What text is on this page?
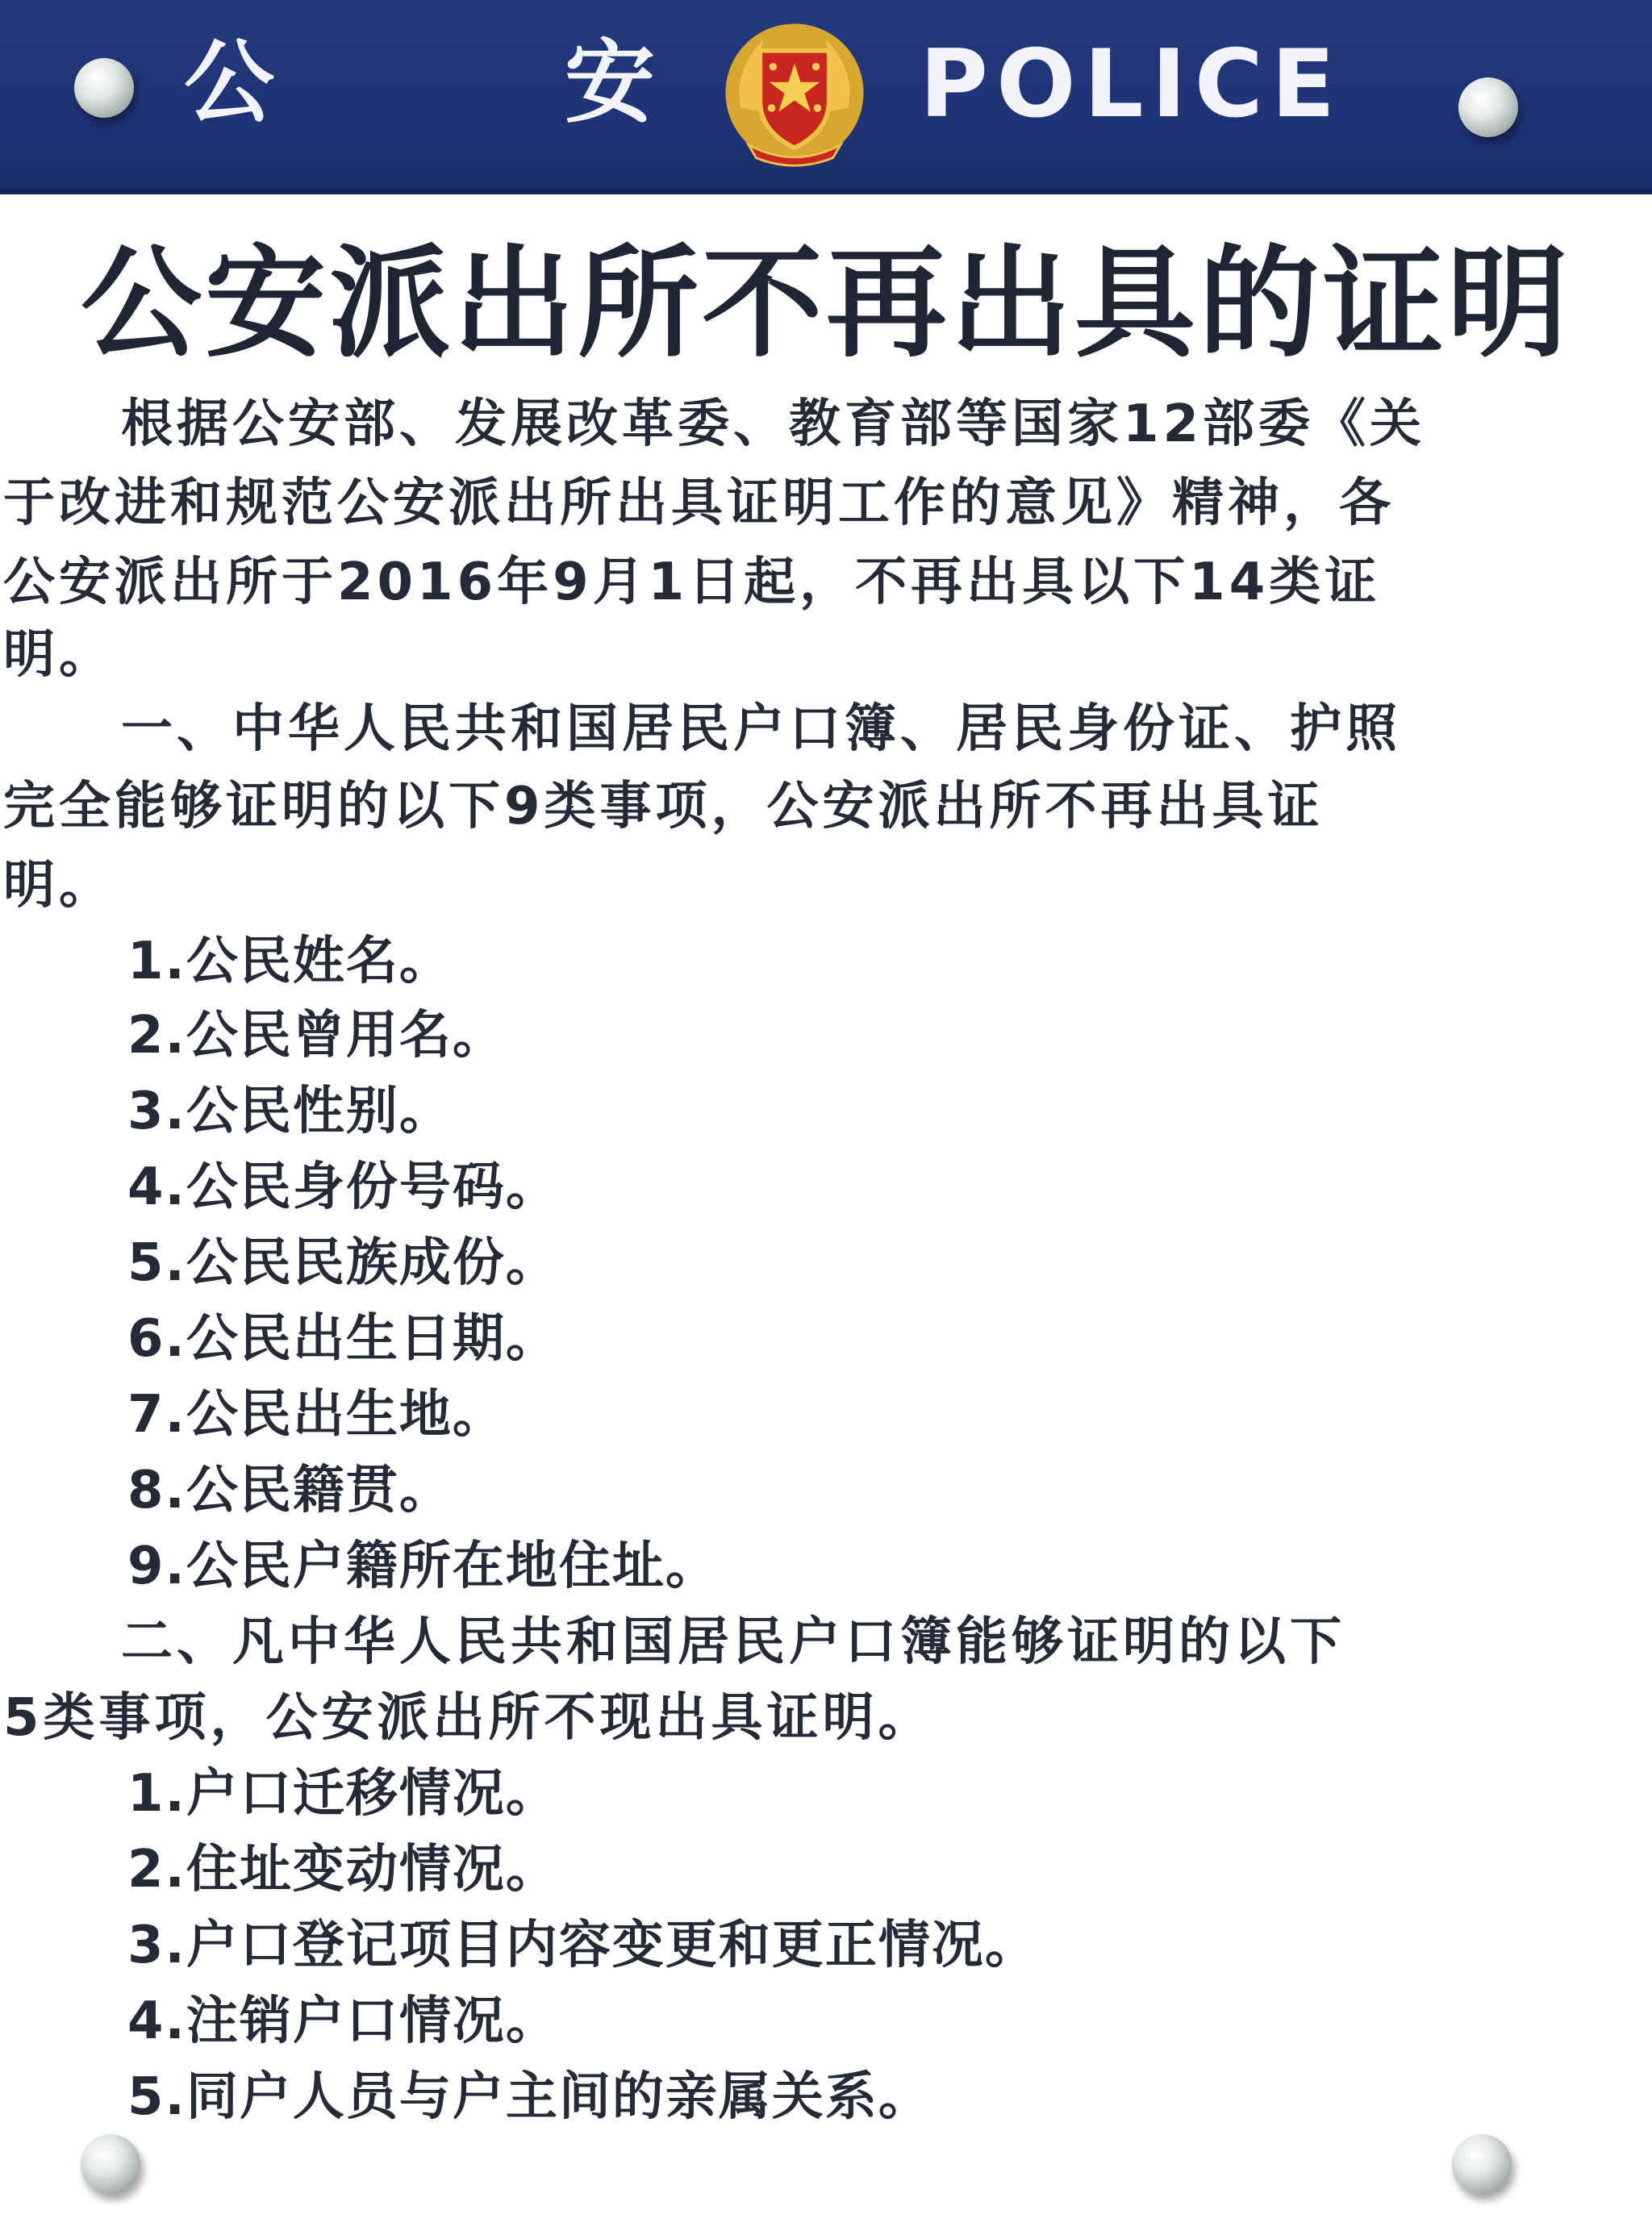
公	安	POLICE
公安派出所不再出具的证明
根据公安部、发展改革委、教育部等国家12部委《关
于改进和规范公安派出所出具证明工作的意见》精神，各
公安派出所于2016年9月1日起，不再出具以下14类证
明。
一、中华人民共和国居民户口簿、居民身份证、护照
完全能够证明的以下9类事项，公安派出所不再出具证
明。
1.公民姓名。
2.公民曾用名。
3.公民性别。
4.公民身份号码。
5.公民民族成份。
6.公民出生日期。
7.公民出生地。
8.公民籍贯。
9.公民户籍所在地住址。
二、凡中华人民共和国居民户口簿能够证明的以下
5类事项，公安派出所不现出具证明。
1.户口迁移情况。
2.住址变动情况。
3.户口登记项目内容变更和更正情况。
4.注销户口情况。
5.同户人员与户主间的亲属关系。
